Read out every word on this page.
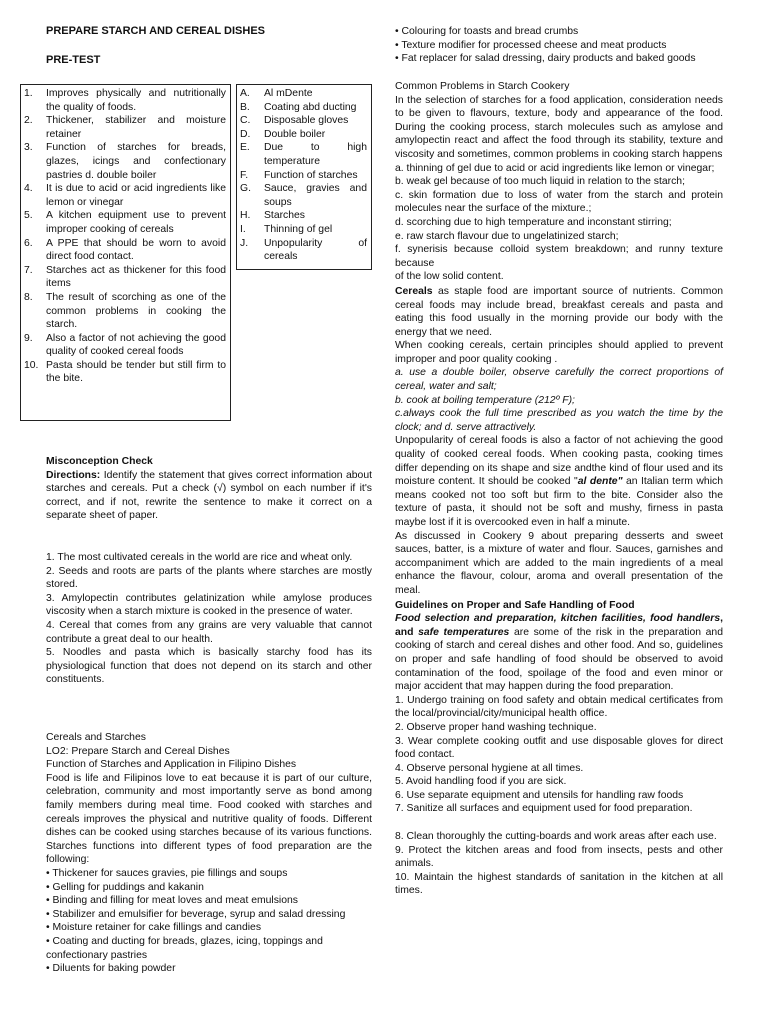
PREPARE STARCH AND CEREAL DISHES
PRE-TEST
1.	Improves physically and nutritionally the quality of foods.
2.	Thickener, stabilizer and moisture retainer
3.	Function of starches for breads, glazes, icings and confectionary pastries d. double boiler
4.	It is due to acid or acid ingredients like lemon or vinegar
5.	A kitchen equipment use to prevent improper cooking of cereals
6.	A PPE that should be worn to avoid direct food contact.
7.	Starches act as thickener for this food items
8.	The result of scorching as one of the common problems in cooking the starch.
9.	Also a factor of not achieving the good quality of cooked cereal foods
10. Pasta should be tender but still firm to the bite.
A.	Al mDente
B.	Coating abd ducting
C.	Disposable gloves
D.	Double boiler
E.	Due to high temperature
F.	Function of starches
G.	Sauce, gravies and soups
H.	Starches
I.	Thinning of gel
J.	Unpopularity of cereals

Misconception Check

Directions: Identify the statement that gives correct information about starches and cereals. Put a check (√) symbol on each number if it's correct, and if not, rewrite the sentence to make it correct on a separate sheet of paper.

1. The most cultivated cereals in the world are rice and wheat only.

2. Seeds and roots are parts of the plants where starches are mostly stored.

3. Amylopectin contributes gelatinization while amylose produces viscosity when a starch mixture is cooked in the presence of water.

4. Cereal that comes from any grains are very valuable that cannot contribute a great deal to our health.

5. Noodles and pasta which is basically starchy food has its physiological function that does not depend on its starch and other constituents.

Cereals and Starches

LO2: Prepare Starch and Cereal Dishes

Function of Starches and Application in Filipino Dishes

Food is life and Filipinos love to eat because it is part of our culture, celebration, community and most importantly serve as bond among family members during meal time. Food cooked with starches and cereals improves the physical and nutritive quality of foods. Different dishes can be cooked using starches because of its various functions. Starches functions into different types of food preparation are the following:

• Thickener for sauces gravies, pie fillings and soups

• Gelling for puddings and kakanin

• Binding and filling for meat loves and meat emulsions

• Stabilizer and emulsifier for beverage, syrup and salad dressing

• Moisture retainer for cake fillings and candies

• Coating and ducting for breads, glazes, icing, toppings and confectionary pastries

• Diluents for baking powder

• Colouring for toasts and bread crumbs

• Texture modifier for processed cheese and meat products

• Fat replacer for salad dressing, dairy products and baked goods

Common Problems in Starch Cookery

In the selection of starches for a food application, consideration needs to be given to flavours, texture, body and appearance of the food. During the cooking process, starch molecules such as amylose and amylopectin react and affect the food through its stability, texture and viscosity and sometimes, common problems in cooking starch happens

a. thinning of gel due to acid or acid ingredients like lemon or vinegar;

b. weak gel because of too much liquid in relation to the starch;

c. skin formation due to loss of water from the starch and protein molecules near the surface of the mixture.;

d. scorching due to high temperature and inconstant stirring;

e. raw starch flavour due to ungelatinized starch;

f. synerisis because colloid system breakdown; and runny texture because

of the low solid content.

Cereals as staple food are important source of nutrients. Common cereal foods may include bread, breakfast cereals and pasta and eating this food usually in the morning provide our body with the energy that we need.

When cooking cereals, certain principles should applied to prevent improper and poor quality cooking .

a. use a double boiler, observe carefully the correct proportions of cereal, water and salt;

b. cook at boiling temperature (212º F);

c.always cook the full time prescribed as you watch the time by the clock; and d. serve attractively.

Unpopularity of cereal foods is also a factor of not achieving the good quality of cooked cereal foods. When cooking pasta, cooking times differ depending on its shape and size andthe kind of flour used and its moisture content. It should be cooked "al dente" an Italian term which means cooked not too soft but firm to the bite. Consider also the texture of pasta, it should not be soft and mushy, firness in pasta maybe lost if it is overcooked even in half a minute.

As discussed in Cookery 9 about preparing desserts and sweet sauces, batter, is a mixture of water and flour. Sauces, garnishes and accompaniment which are added to the main ingredients of a meal enhance the flavour, colour, aroma and overall presentation of the meal.

Guidelines on Proper and Safe Handling of Food

Food selection and preparation, kitchen facilities, food handlers, and safe temperatures are some of the risk in the preparation and cooking of starch and cereal dishes and other food. And so, guidelines on proper and safe handling of food should be observed to avoid contamination of the food, spoilage of the food and even minor or major accident that may happen during the food preparation.

1. Undergo training on food safety and obtain medical certificates from the local/provincial/city/municipal health office.

2. Observe proper hand washing technique.

3. Wear complete cooking outfit and use disposable gloves for direct food contact.

4. Observe personal hygiene at all times.

5. Avoid handling food if you are sick.

6. Use separate equipment and utensils for handling raw foods

7. Sanitize all surfaces and equipment used for food preparation.

8. Clean thoroughly the cutting-boards and work areas after each use.

9. Protect the kitchen areas and food from insects, pests and other animals.

10. Maintain the highest standards of sanitation in the kitchen at all times.
